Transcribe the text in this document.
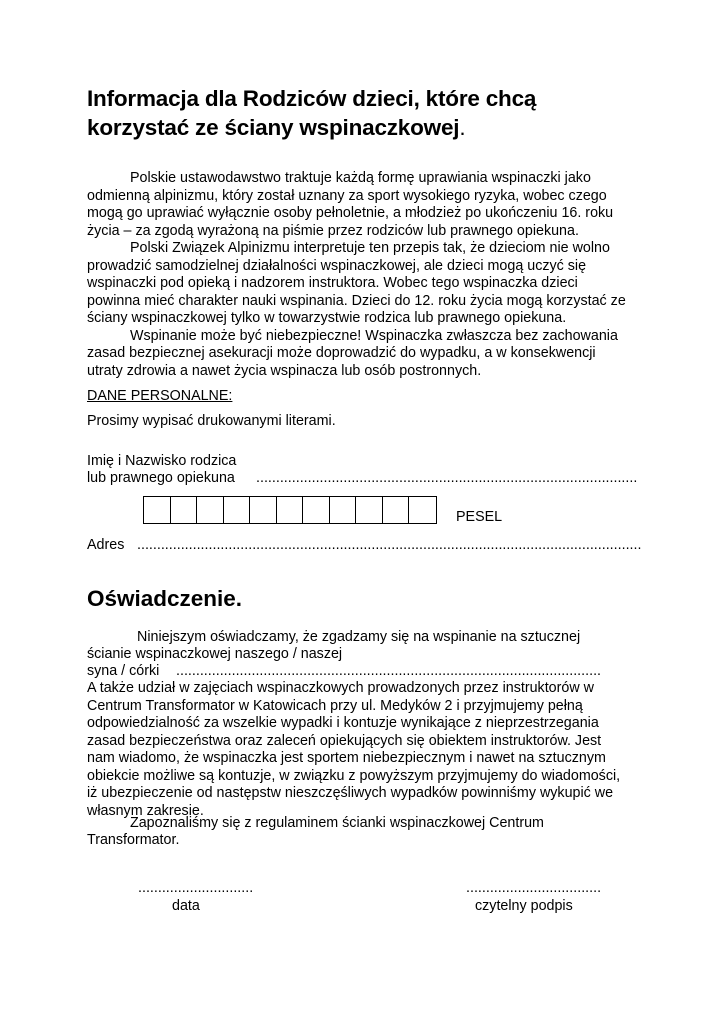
Informacja dla Rodziców dzieci, które chcą
korzystać ze ściany wspinaczkowej.

Polskie ustawodawstwo traktuje każdą formę uprawiania wspinaczki jako
odmienną alpinizmu, który został uznany za sport wysokiego ryzyka, wobec czego
mogą go uprawiać wyłącznie osoby pełnoletnie, a młodzież po ukończeniu 16. roku
życia – za zgodą wyrażoną na piśmie przez rodziców lub prawnego opiekuna.

Polski Związek Alpinizmu interpretuje ten przepis tak, że dzieciom nie wolno
prowadzić samodzielnej działalności wspinaczkowej, ale dzieci mogą uczyć się
wspinaczki pod opieką i nadzorem instruktora. Wobec tego wspinaczka dzieci
powinna mieć charakter nauki wspinania. Dzieci do 12. roku życia mogą korzystać ze
ściany wspinaczkowej tylko w towarzystwie rodzica lub prawnego opiekuna.

Wspinanie może być niebezpieczne! Wspinaczka zwłaszcza bez zachowania
zasad bezpiecznej asekuracji może doprowadzić do wypadku, a w konsekwencji
utraty zdrowia a nawet życia wspinacza lub osób postronnych.

DANE PERSONALNE:
Prosimy wypisać drukowanymi literami.
Imię i Nazwisko rodzica
lub prawnego opiekuna ................................................................................................
PESEL
Adres ...............................................................................................................................
Oświadczenie.
Niniejszym oświadczamy, że zgadzamy się na wspinanie na sztucznej
ścianie wspinaczkowej naszego / naszej
syna / córki ...........................................................................................................
A także udział w zajęciach wspinaczkowych prowadzonych przez instruktorów w
Centrum Transformator w Katowicach przy ul. Medyków 2 i przyjmujemy pełną
odpowiedzialność za wszelkie wypadki i kontuzje wynikające z nieprzestrzegania
zasad bezpieczeństwa oraz zaleceń opiekujących się obiektem instruktorów. Jest
nam wiadomo, że wspinaczka jest sportem niebezpiecznym i nawet na sztucznym
obiekcie możliwe są kontuzje, w związku z powyższym przyjmujemy do wiadomości,
iż ubezpieczenie od następstw nieszczęśliwych wypadków powinniśmy wykupić we
własnym zakresie.
Zapoznaliśmy się z regulaminem ścianki wspinaczkowej Centrum
Transformator.
.............................
data
..................................
czytelny podpis
